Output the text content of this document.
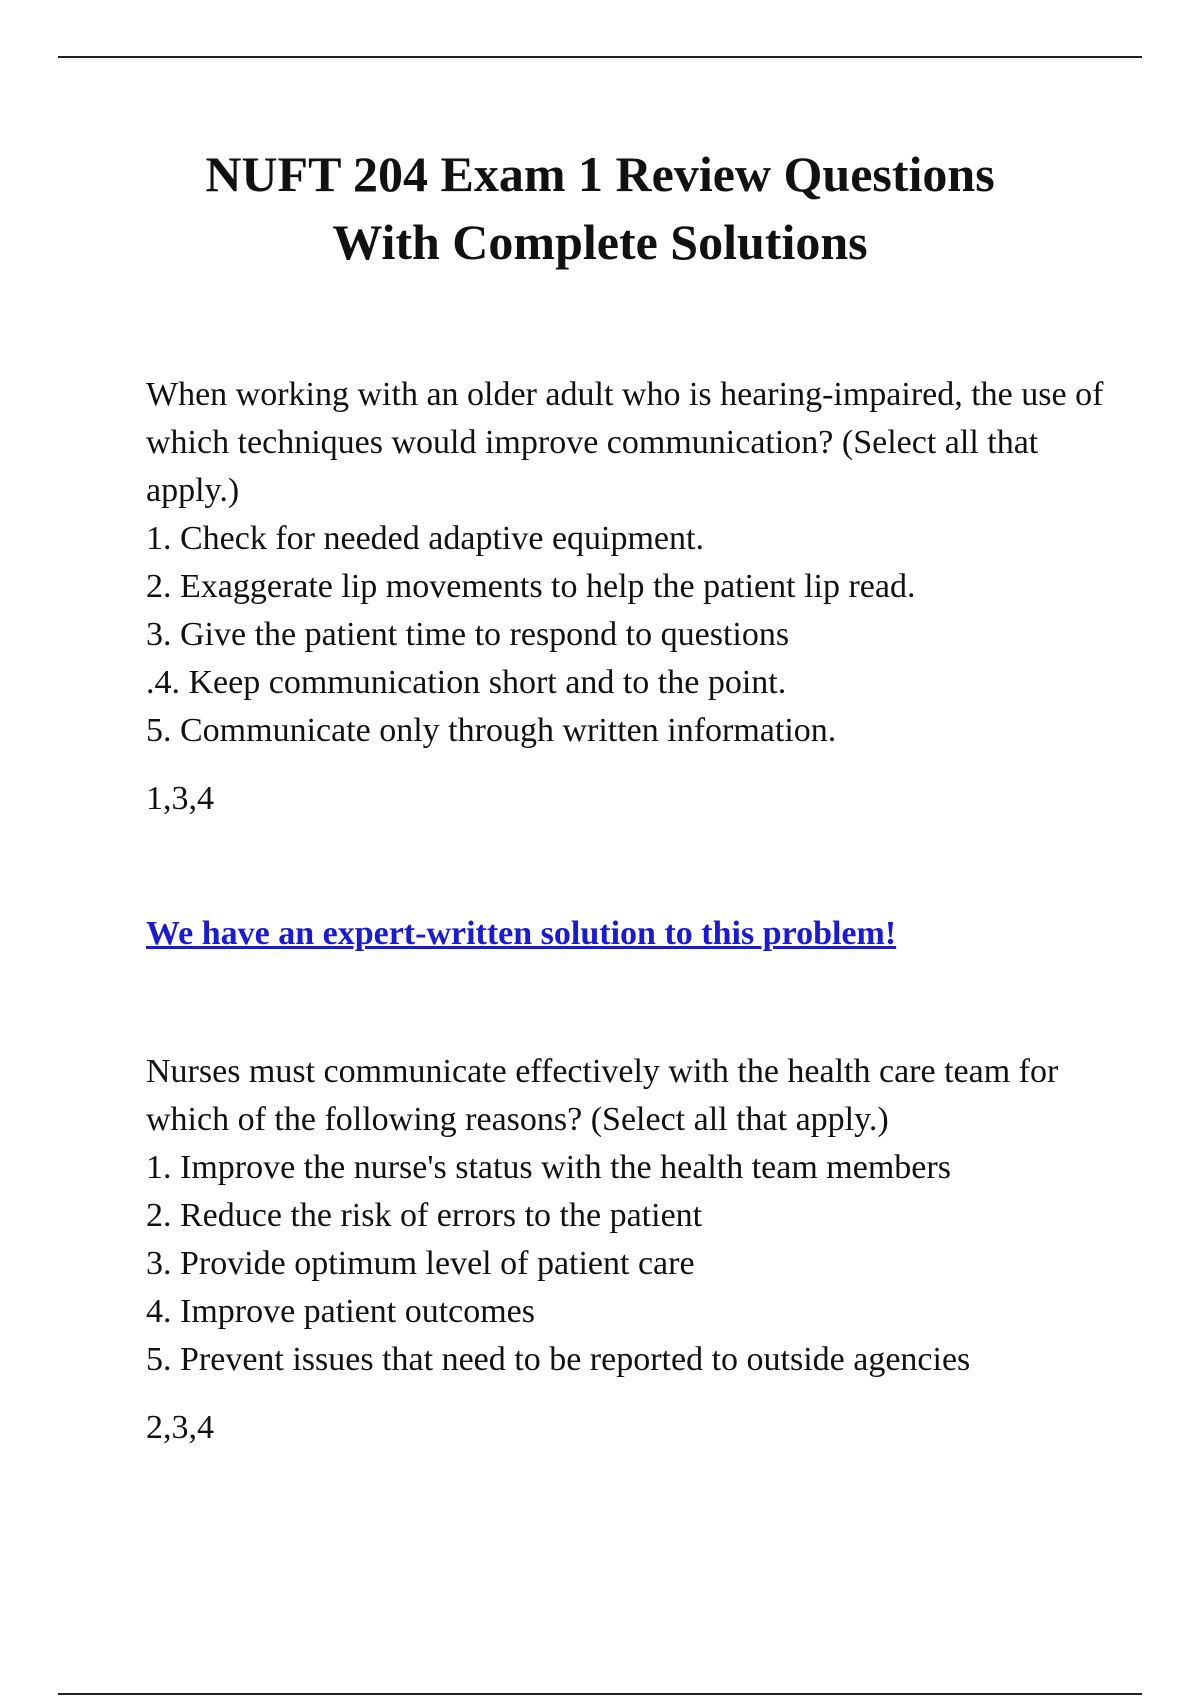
NUFT 204 Exam 1 Review Questions
With Complete Solutions

When working with an older adult who is hearing-impaired, the use of which techniques would improve communication? (Select all that apply.)

1. Check for needed adaptive equipment.
2. Exaggerate lip movements to help the patient lip read.
3. Give the patient time to respond to questions
.4. Keep communication short and to the point.
5. Communicate only through written information.

1,3,4

We have an expert-written solution to this problem!

Nurses must communicate effectively with the health care team for which of the following reasons? (Select all that apply.)

1. Improve the nurse's status with the health team members
2. Reduce the risk of errors to the patient
3. Provide optimum level of patient care
4. Improve patient outcomes
5. Prevent issues that need to be reported to outside agencies

2,3,4
